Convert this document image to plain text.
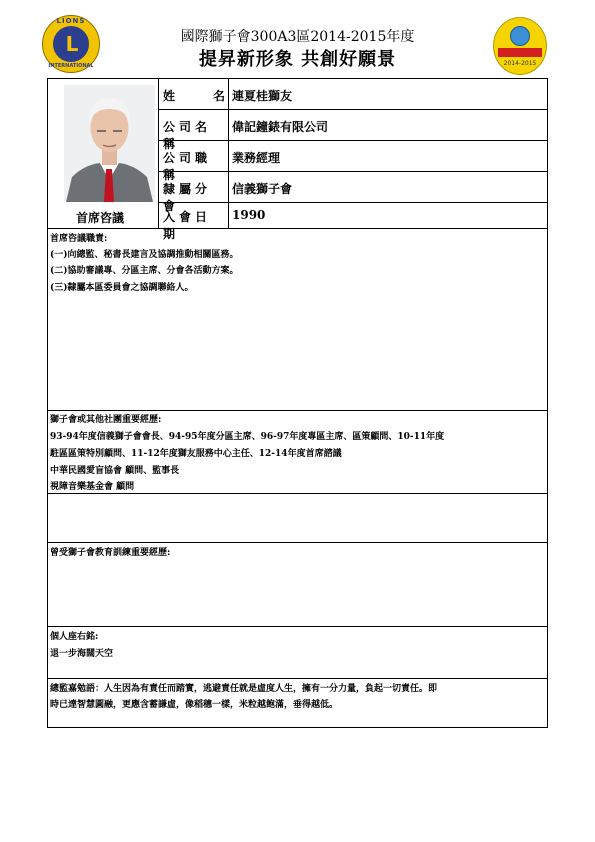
LIONS
L
INTERNATIONAL	2014-2015
國際獅子會300A3區2014-2015年度
提昇新形象 共創好願景
首席咨議
姓　　名 連夏桂獅友
公司名稱
偉記鐘錶有限公司
公司職稱
業務經理
隸屬分會
信義獅子會
入會日期
1990
首席咨議職責:
(一)向總監、秘書長建言及協調推動相關區務。
(二)協助審議專、分區主席、分會各活動方案。
(三)隸屬本區委員會之協調聯絡人。
獅子會或其他社團重要經歷:
93-94年度信義獅子會會長、94-95年度分區主席、96-97年度專區主席、區策顧問、10-11年度
駐區區策特別顧問、11-12年度獅友服務中心主任、12-14年度首席諮議
中華民國愛盲協會 顧問、監事長
視障音樂基金會 顧問
曾受獅子會教育訓練重要經歷:
個人座右銘:
退一步海闊天空
總監嘉勉語：人生因為有責任而踏實，逃避責任就是虛度人生，擁有一分力量，負起一切責任。即
時已達智慧圓融，更應含蓄謙虛，像稻穗一樣，米粒越飽滿，垂得越低。
